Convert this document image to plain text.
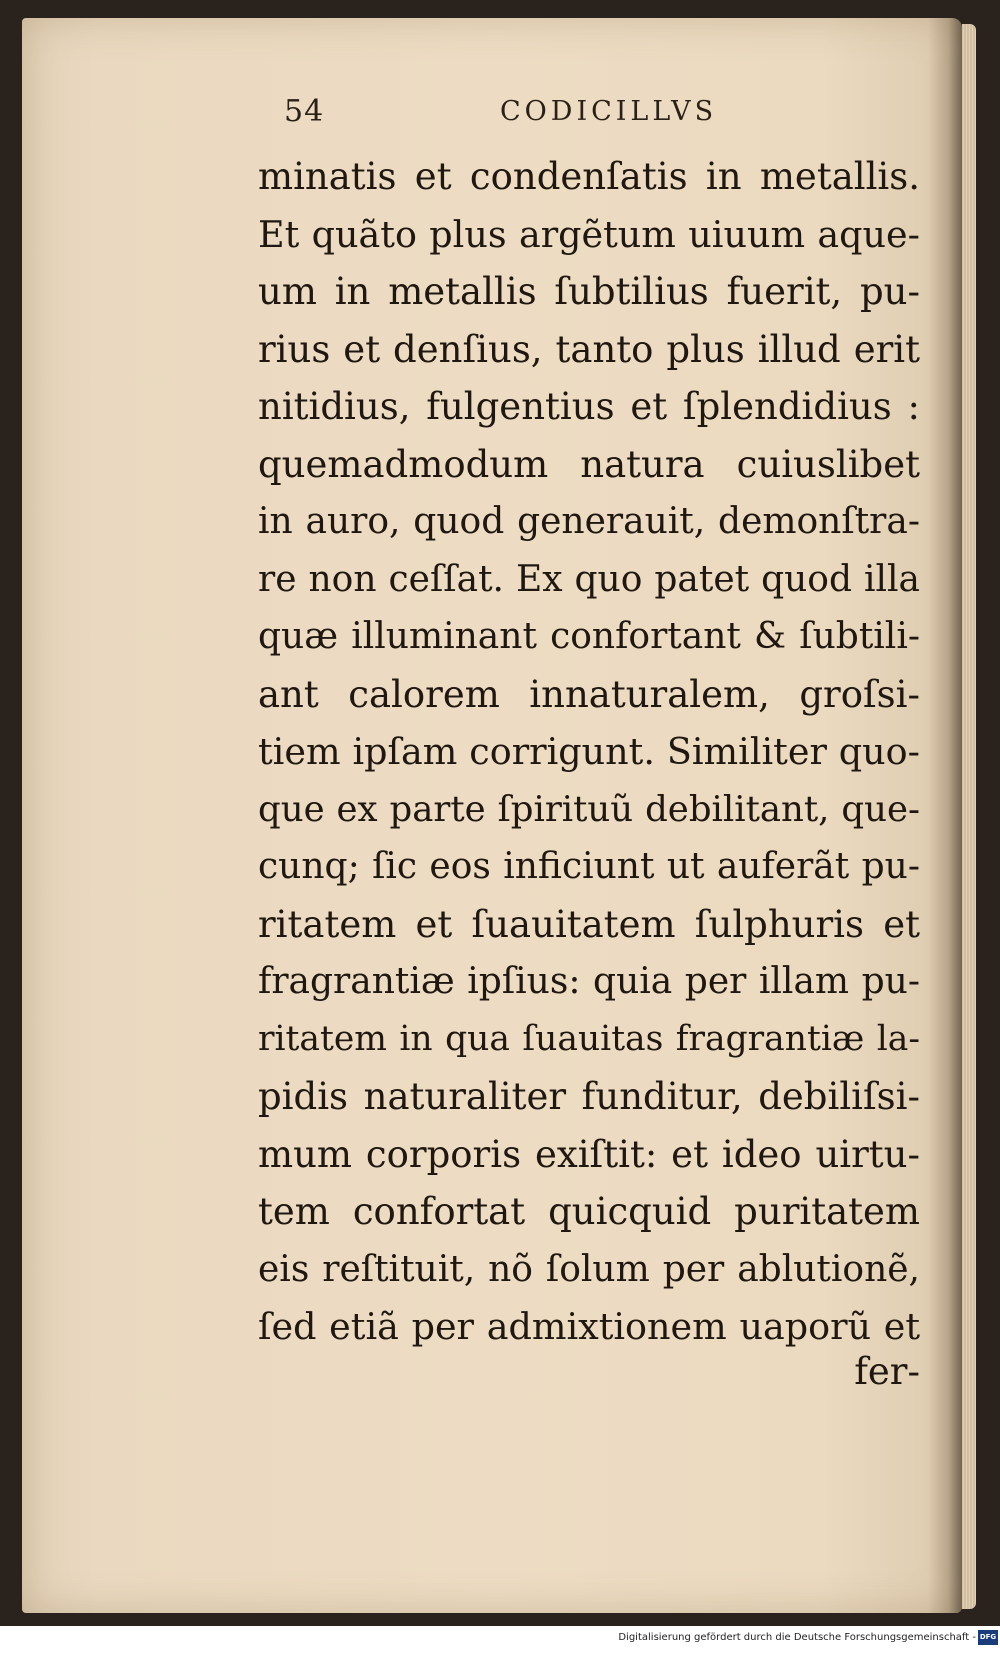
54	CODICILLVS
minatis et condenſatis in metallis.
Et quãto plus argẽtum uiuum aque-
um in metallis ſubtilius fuerit, pu-
rius et denſius, tanto plus illud erit
nitidius, fulgentius et ſplendidius :
quemadmodum natura cuiuslibet
in auro, quod generauit, demonſtra-
re non ceſſat. Ex quo patet quod illa
quæ illuminant confortant & ſubtili-
ant calorem innaturalem, groſsi-
tiem ipſam corrigunt. Similiter quo-
que ex parte ſpirituũ debilitant, que-
cunq; ſic eos inficiunt ut auferãt pu-
ritatem et ſuauitatem ſulphuris et
fragrantiæ ipſius: quia per illam pu-
ritatem in qua ſuauitas fragrantiæ la-
pidis naturaliter funditur, debiliſsi-
mum corporis exiſtit: et ideo uirtu-
tem confortat quicquid puritatem
eis reſtituit, nõ ſolum per ablutionẽ,
ſed etiã per admixtionem uaporũ et
fer-
Digitalisierung gefördert durch die Deutsche Forschungsgemeinschaft - DFG
